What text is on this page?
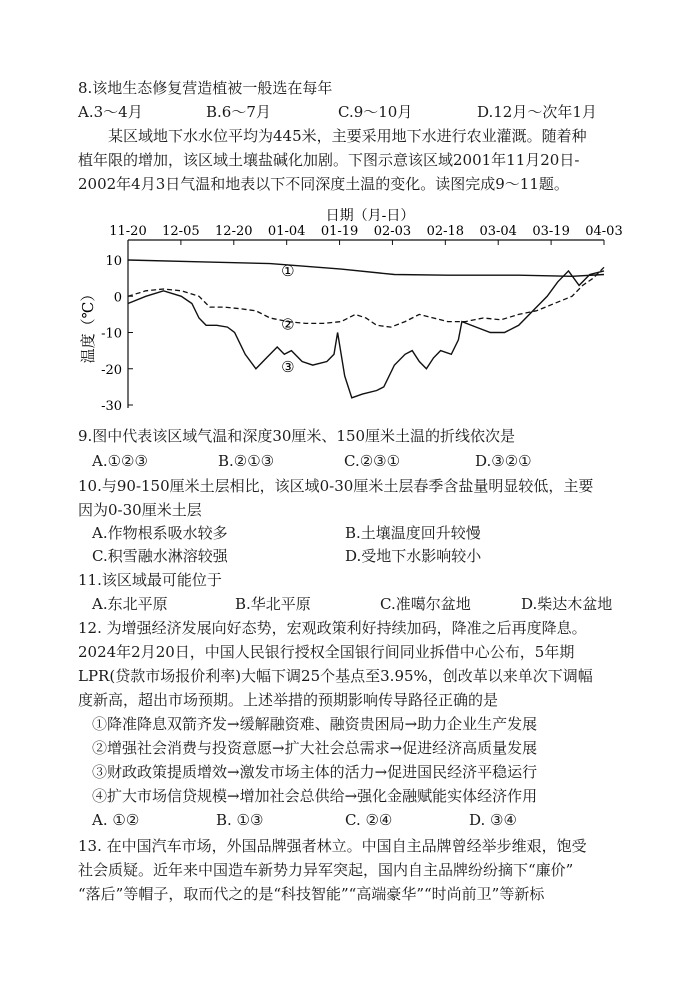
8.该地生态修复营造植被一般选在每年
A.3～4月	B.6～7月	C.9～10月	D.12月～次年1月
某区域地下水水位平均为445米，主要采用地下水进行农业灌溉。随着种
植年限的增加，该区域土壤盐碱化加剧。下图示意该区域2001年11月20日-
2002年4月3日气温和地表以下不同深度土温的变化。读图完成9～11题。
日期（月-日）
11-20 12-05 12-20 01-04 01-19 02-03 02-18 03-04 03-19 04-03
10
0
-10
-20
-30
①
②
③
温度（℃）
9.图中代表该区域气温和深度30厘米、150厘米土温的折线依次是
A.①②③	B.②①③	C.②③①	D.③②①
10.与90-150厘米土层相比，该区域0-30厘米土层春季含盐量明显较低，主要
因为0-30厘米土层
A.作物根系吸水较多	B.土壤温度回升较慢
C.积雪融水淋溶较强	D.受地下水影响较小
11.该区域最可能位于
A.东北平原	B.华北平原	C.准噶尔盆地	D.柴达木盆地
12. 为增强经济发展向好态势，宏观政策利好持续加码，降准之后再度降息。
2024年2月20日，中国人民银行授权全国银行间同业拆借中心公布，5年期
LPR(贷款市场报价利率)大幅下调25个基点至3.95%，创改革以来单次下调幅
度新高，超出市场预期。上述举措的预期影响传导路径正确的是
①降准降息双箭齐发→缓解融资难、融资贵困局→助力企业生产发展
②增强社会消费与投资意愿→扩大社会总需求→促进经济高质量发展
③财政政策提质增效→激发市场主体的活力→促进国民经济平稳运行
④扩大市场信贷规模→增加社会总供给→强化金融赋能实体经济作用
A. ①②	B. ①③	C. ②④	D. ③④
13. 在中国汽车市场，外国品牌强者林立。中国自主品牌曾经举步维艰，饱受
社会质疑。近年来中国造车新势力异军突起，国内自主品牌纷纷摘下“廉价”
“落后”等帽子，取而代之的是“科技智能”“高端豪华”“时尚前卫”等新标
